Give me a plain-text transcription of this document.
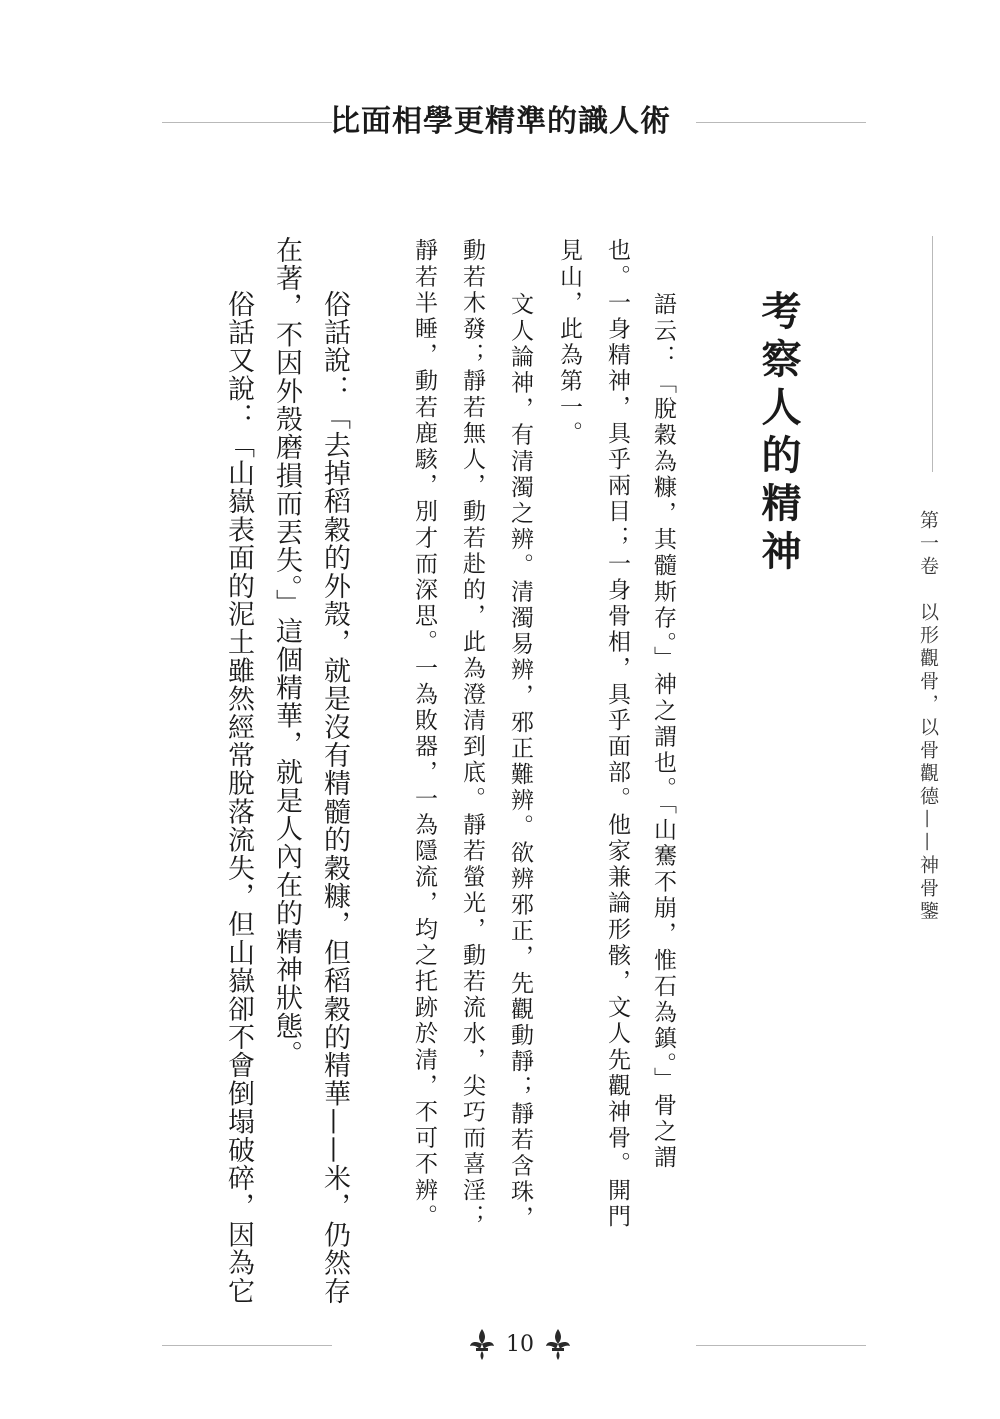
比面相學更精準的識人術
第一卷　以形觀骨，以骨觀德——神骨鑒
考察人的精神
語云：「脫穀為糠，其髓斯存。」神之謂也。「山騫不崩，惟石為鎮。」骨之謂
也。一身精神，具乎兩目；一身骨相，具乎面部。他家兼論形骸，文人先觀神骨。開門
見山，此為第一。
文人論神，有清濁之辨。清濁易辨，邪正難辨。欲辨邪正，先觀動靜；靜若含珠，
動若木發；靜若無人，動若赴的，此為澄清到底。靜若螢光，動若流水，尖巧而喜淫；
靜若半睡，動若鹿駭，別才而深思。一為敗器，一為隱流，均之托跡於清，不可不辨。
俗話說：「去掉稻穀的外殼，就是沒有精髓的穀糠，但稻穀的精華——米，仍然存
在著，不因外殼磨損而丟失。」這個精華，就是人內在的精神狀態。
俗話又說：「山嶽表面的泥土雖然經常脫落流失，但山嶽卻不會倒塌破碎，因為它
10
